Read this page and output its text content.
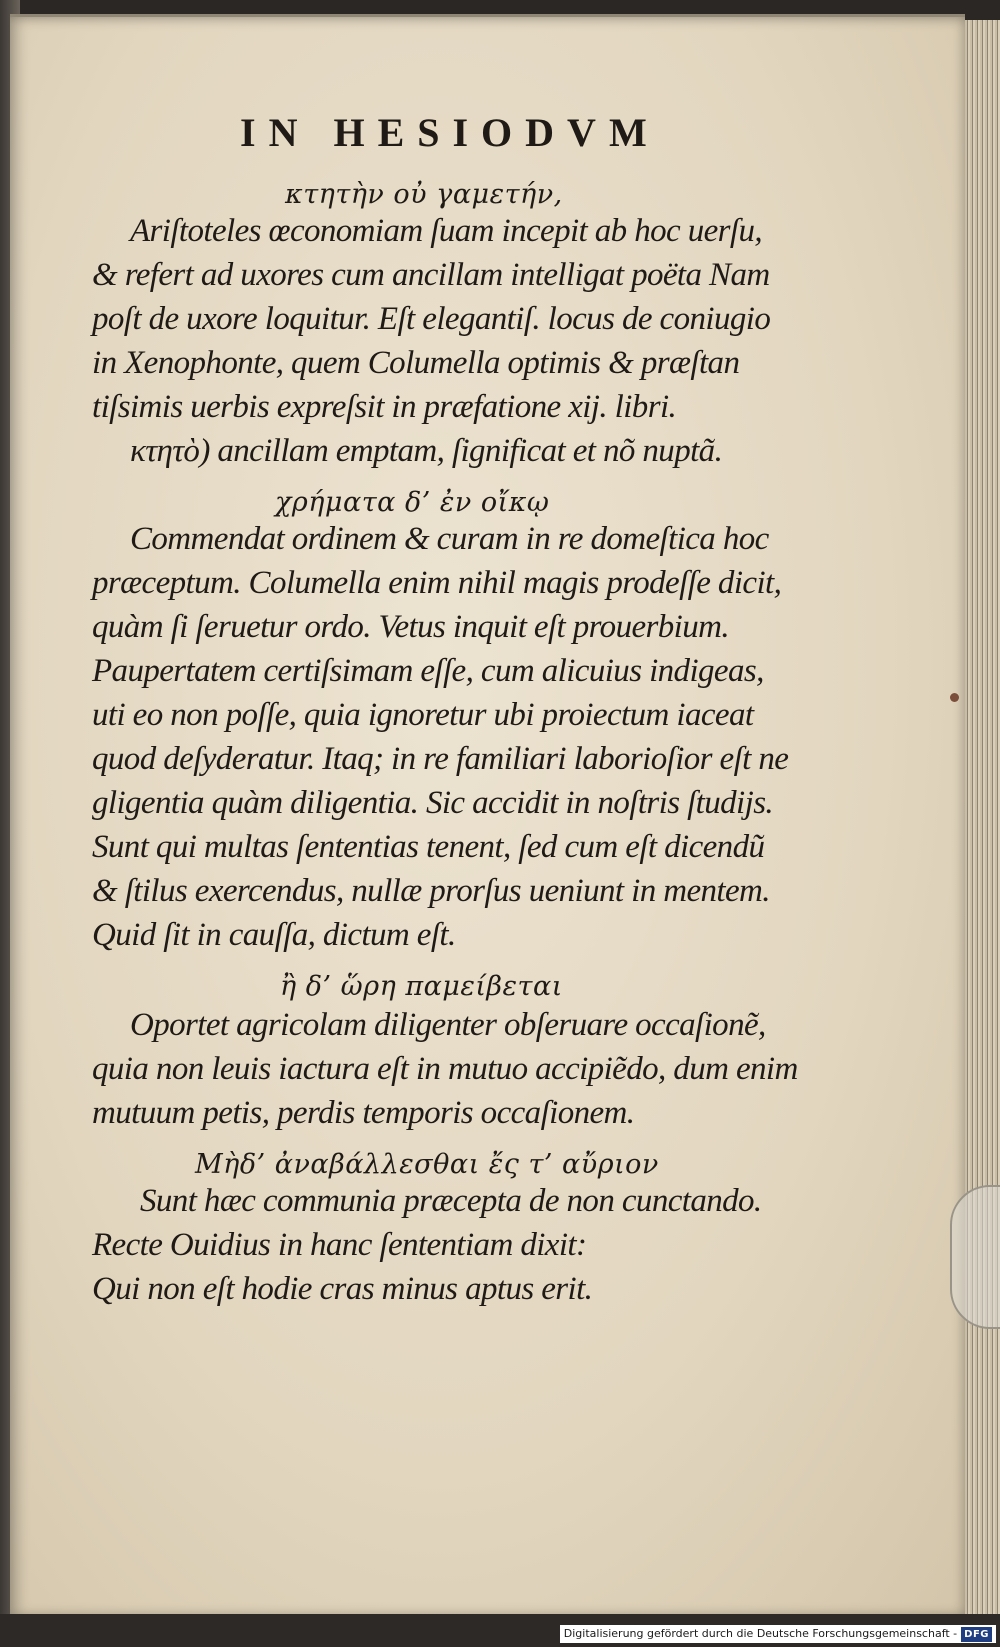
IN HESIODVM
κτητὴν οὐ γαμετήν,
Ariſtoteles œconomiam ſuam incepit ab hoc uerſu,
& refert ad uxores cum ancillam intelligat poëta Nam
poſt de uxore loquitur. Eſt elegantiſ. locus de coniugio
in Xenophonte, quem Columella optimis & præſtan
tiſsimis uerbis expreſsit in præfatione xij. libri.
κτητὸ) ancillam emptam, ſignificat et nõ nuptã.
χρήματα δ’ ἐν οἴκῳ
Commendat ordinem & curam in re domeſtica hoc
præceptum. Columella enim nihil magis prodeſſe dicit,
quàm ſi ſeruetur ordo. Vetus inquit eſt prouerbium.
Paupertatem certiſsimam eſſe, cum alicuius indigeas,
uti eo non poſſe, quia ignoretur ubi proiectum iaceat
quod deſyderatur. Itaq; in re familiari laborioſior eſt ne
gligentia quàm diligentia. Sic accidit in noſtris ſtudijs.
Sunt qui multas ſententias tenent, ſed cum eſt dicendũ
& ſtilus exercendus, nullæ prorſus ueniunt in mentem.
Quid ſit in cauſſa, dictum eſt.
ἢ δ’ ὥρη παμείβεται
Oportet agricolam diligenter obſeruare occaſionẽ,
quia non leuis iactura eſt in mutuo accipiẽdo, dum enim
mutuum petis, perdis temporis occaſionem.
Μὴδ’ ἀναβάλλεσθαι ἔς τ’ αὔριον
Sunt hæc communia præcepta de non cunctando.
Recte Ouidius in hanc ſententiam dixit:
Qui non eſt hodie cras minus aptus erit.
Digitalisierung gefördert durch die Deutsche Forschungsgemeinschaft - DFG
